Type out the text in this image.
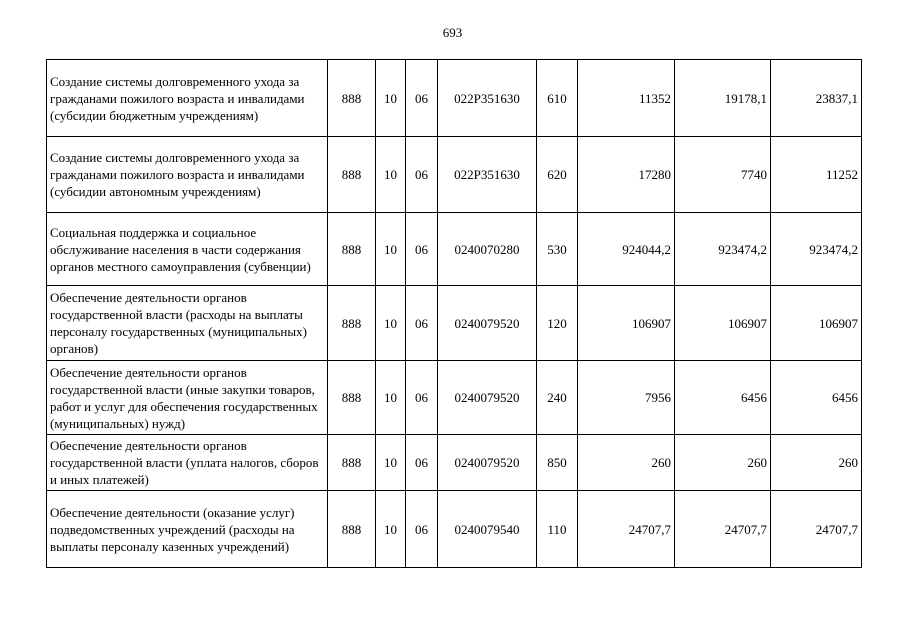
693
Создание системы долговременного ухода за гражданами пожилого возраста и инвалидами (субсидии бюджетным учреждениям)	888	10	06	022P351630	610	11352	19178,1	23837,1
Создание системы долговременного ухода за гражданами пожилого возраста и инвалидами (субсидии автономным учреждениям)	888	10	06	022P351630	620	17280	7740	11252
Социальная поддержка и социальное обслуживание населения в части содержания органов местного самоуправления (субвенции)	888	10	06	0240070280	530	924044,2	923474,2	923474,2
Обеспечение деятельности органов государственной власти (расходы на выплаты персоналу государственных (муниципальных) органов)	888	10	06	0240079520	120	106907	106907	106907
Обеспечение деятельности органов государственной власти (иные закупки товаров, работ и услуг для обеспечения государственных (муниципальных) нужд)	888	10	06	0240079520	240	7956	6456	6456
Обеспечение деятельности органов государственной власти (уплата налогов, сборов и иных платежей)	888	10	06	0240079520	850	260	260	260
Обеспечение деятельности (оказание услуг) подведомственных учреждений (расходы на выплаты персоналу казенных учреждений)	888	10	06	0240079540	110	24707,7	24707,7	24707,7
